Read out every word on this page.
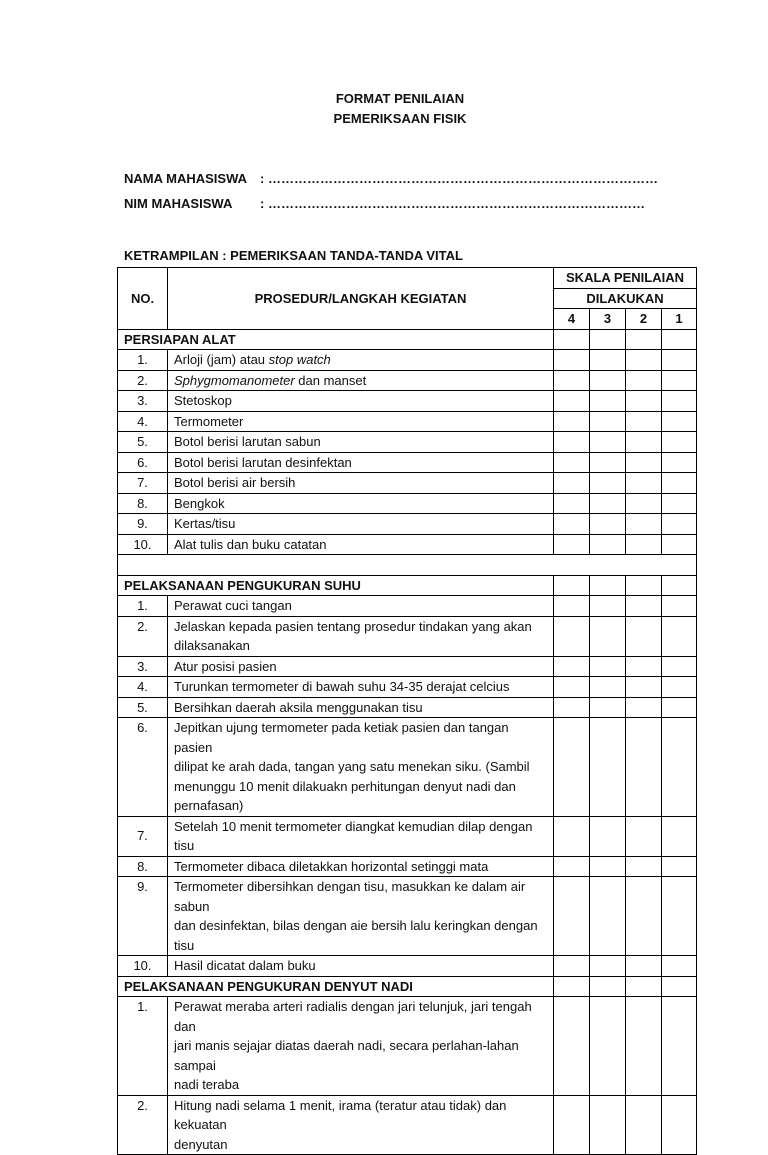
FORMAT PENILAIAN
PEMERIKSAAN FISIK
NAMA MAHASISWA : ………………………………………………………………………………
NIM MAHASISWA : ……………………………………………………………………………
KETRAMPILAN : PEMERIKSAAN TANDA-TANDA VITAL
NO.	PROSEDUR/LANGKAH KEGIATAN	SKALA PENILAIAN			
		DILAKUKAN			
		4	3	2	1
PERSIAPAN ALAT					
1.	Arloji (jam) atau stop watch				
2.	Sphygmomanometer dan manset				
3.	Stetoskop				
4.	Termometer				
5.	Botol berisi larutan sabun				
6.	Botol berisi larutan desinfektan				
7.	Botol berisi air bersih				
8.	Bengkok				
9.	Kertas/tisu				
10.	Alat tulis dan buku catatan				

PELAKSANAAN PENGUKURAN SUHU					
1.	Perawat cuci tangan				
2.	Jelaskan kepada pasien tentang prosedur tindakan yang akan
dilaksanakan				

3.	Atur posisi pasien				
4.	Turunkan termometer di bawah suhu 34-35 derajat celcius				
5.	Bersihkan daerah aksila menggunakan tisu				
6.	Jepitkan ujung termometer pada ketiak pasien dan tangan pasien
dilipat ke arah dada, tangan yang satu menekan siku. (Sambil
menunggu 10 menit dilakuakn perhitungan denyut nadi dan
pernafasan)				

7.	Setelah 10 menit termometer diangkat kemudian dilap dengan tisu				
8.	Termometer dibaca diletakkan horizontal setinggi mata				
9.	Termometer dibersihkan dengan tisu, masukkan ke dalam air sabun
dan desinfektan, bilas dengan aie bersih lalu keringkan dengan tisu				

10.	Hasil dicatat dalam buku				
PELAKSANAAN PENGUKURAN DENYUT NADI					
1.	Perawat meraba arteri radialis dengan jari telunjuk, jari tengah dan
jari manis sejajar diatas daerah nadi, secara perlahan-lahan sampai
nadi teraba				

2.	Hitung nadi selama 1 menit, irama (teratur atau tidak) dan kekuatan
denyutan				
